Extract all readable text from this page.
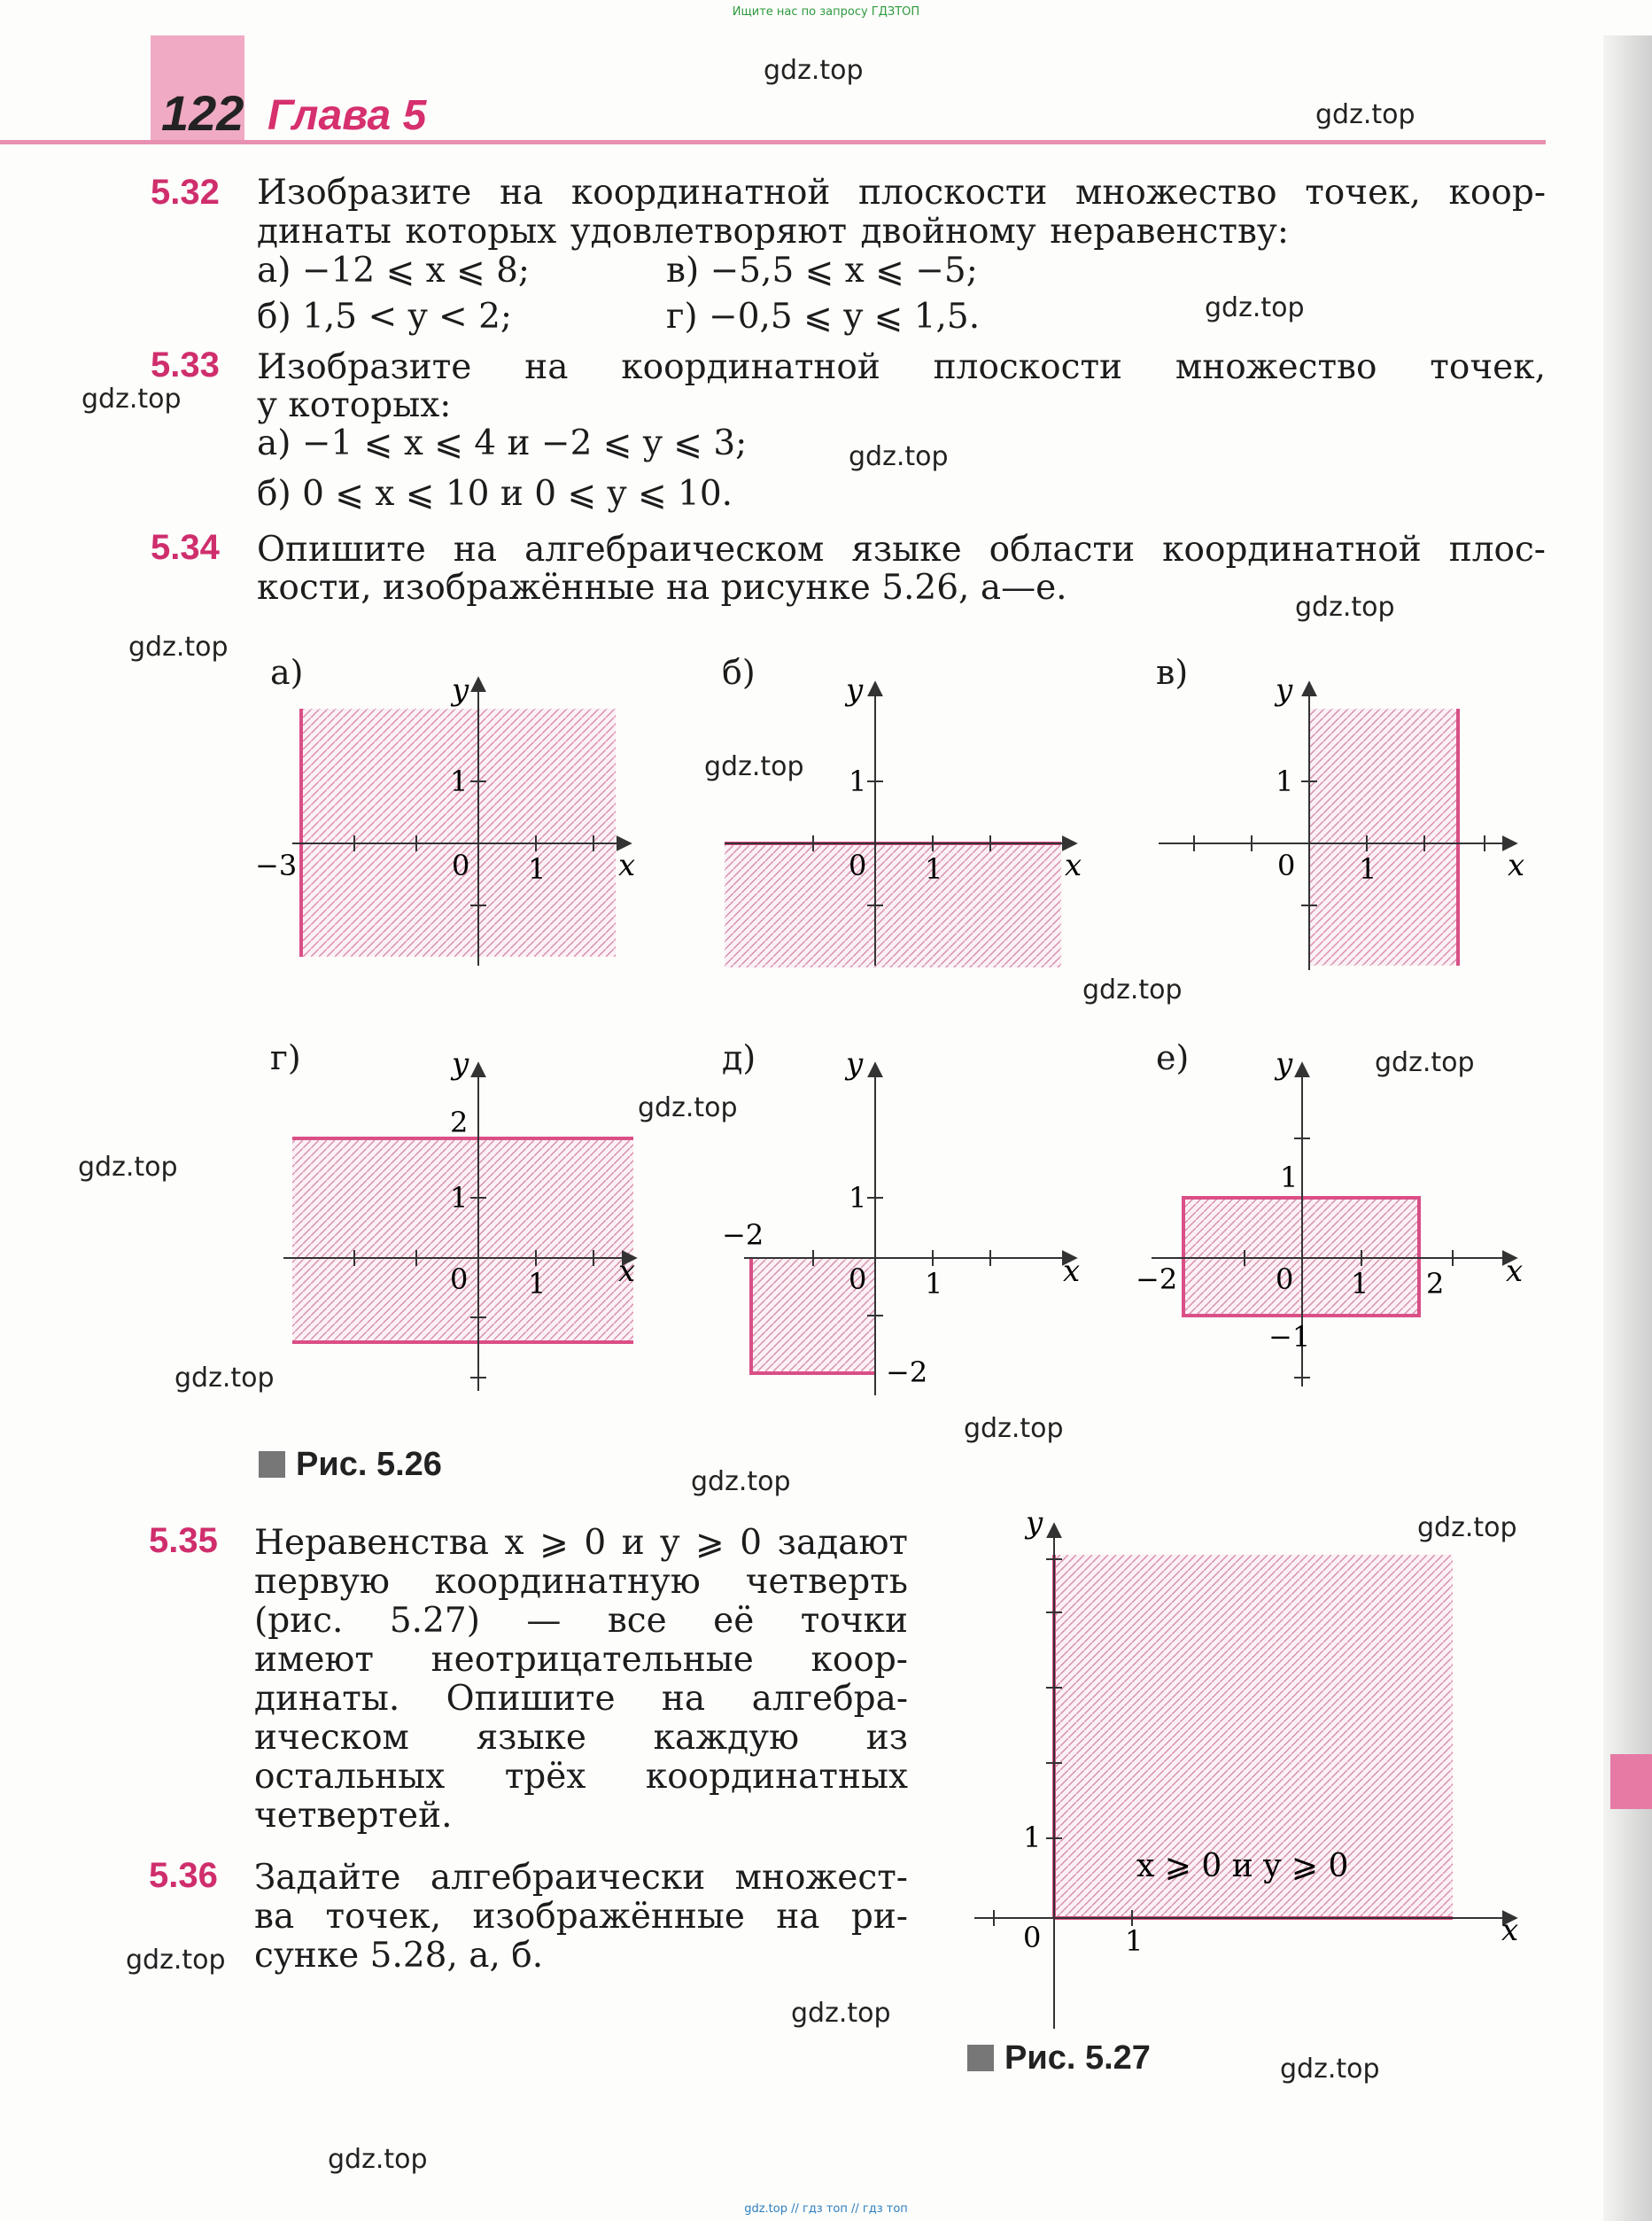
Ищите нас по запросу ГДЗТОП
gdz.top // гдз топ // гдз топ
122 Глава 5
5.32 Изобразите на координатной плоскости множество точек, коор-
динаты которых удовлетворяют двойному неравенству:
а) −12 ⩽ x ⩽ 8;	в) −5,5 ⩽ x ⩽ −5;
б) 1,5 < y < 2;	г) −0,5 ⩽ y ⩽ 1,5.
5.33 Изобразите на координатной плоскости множество точек,
у которых:
а) −1 ⩽ x ⩽ 4 и −2 ⩽ y ⩽ 3;
б) 0 ⩽ x ⩽ 10 и 0 ⩽ y ⩽ 10.
5.34 Опишите на алгебраическом языке области координатной плос-
кости, изображённые на рисунке 5.26, а—е.
а)	б)	в)
г)	д)	е)
−3	0 1
1
x
y
0 1
1
x
y
0 1
1
x
y
2
1
0 1 x
y
−2
1
0 1
−2
x
y
1
−2	0 1 2
−1
x
y
1
0	1	x
y
x ⩾ 0 и y ⩾ 0
Рис. 5.26
5.35 Неравенства x ⩾ 0 и y ⩾ 0 задают
первую координатную четверть
(рис. 5.27) — все её точки
имеют неотрицательные коор-
динаты. Опишите на алгебра-
ическом языке каждую из
остальных трёх координатных
четвертей.
5.36 Задайте алгебраически множест-
ва точек, изображённые на ри-
сунке 5.28, а, б.
Рис. 5.27
gdz.top
gdz.top
gdz.top
gdz.top
gdz.top
gdz.top
gdz.top
gdz.top
gdz.top
gdz.top
gdz.top
gdz.top
gdz.top
gdz.top
gdz.top
gdz.top
gdz.top
gdz.top
gdz.top
gdz.top
